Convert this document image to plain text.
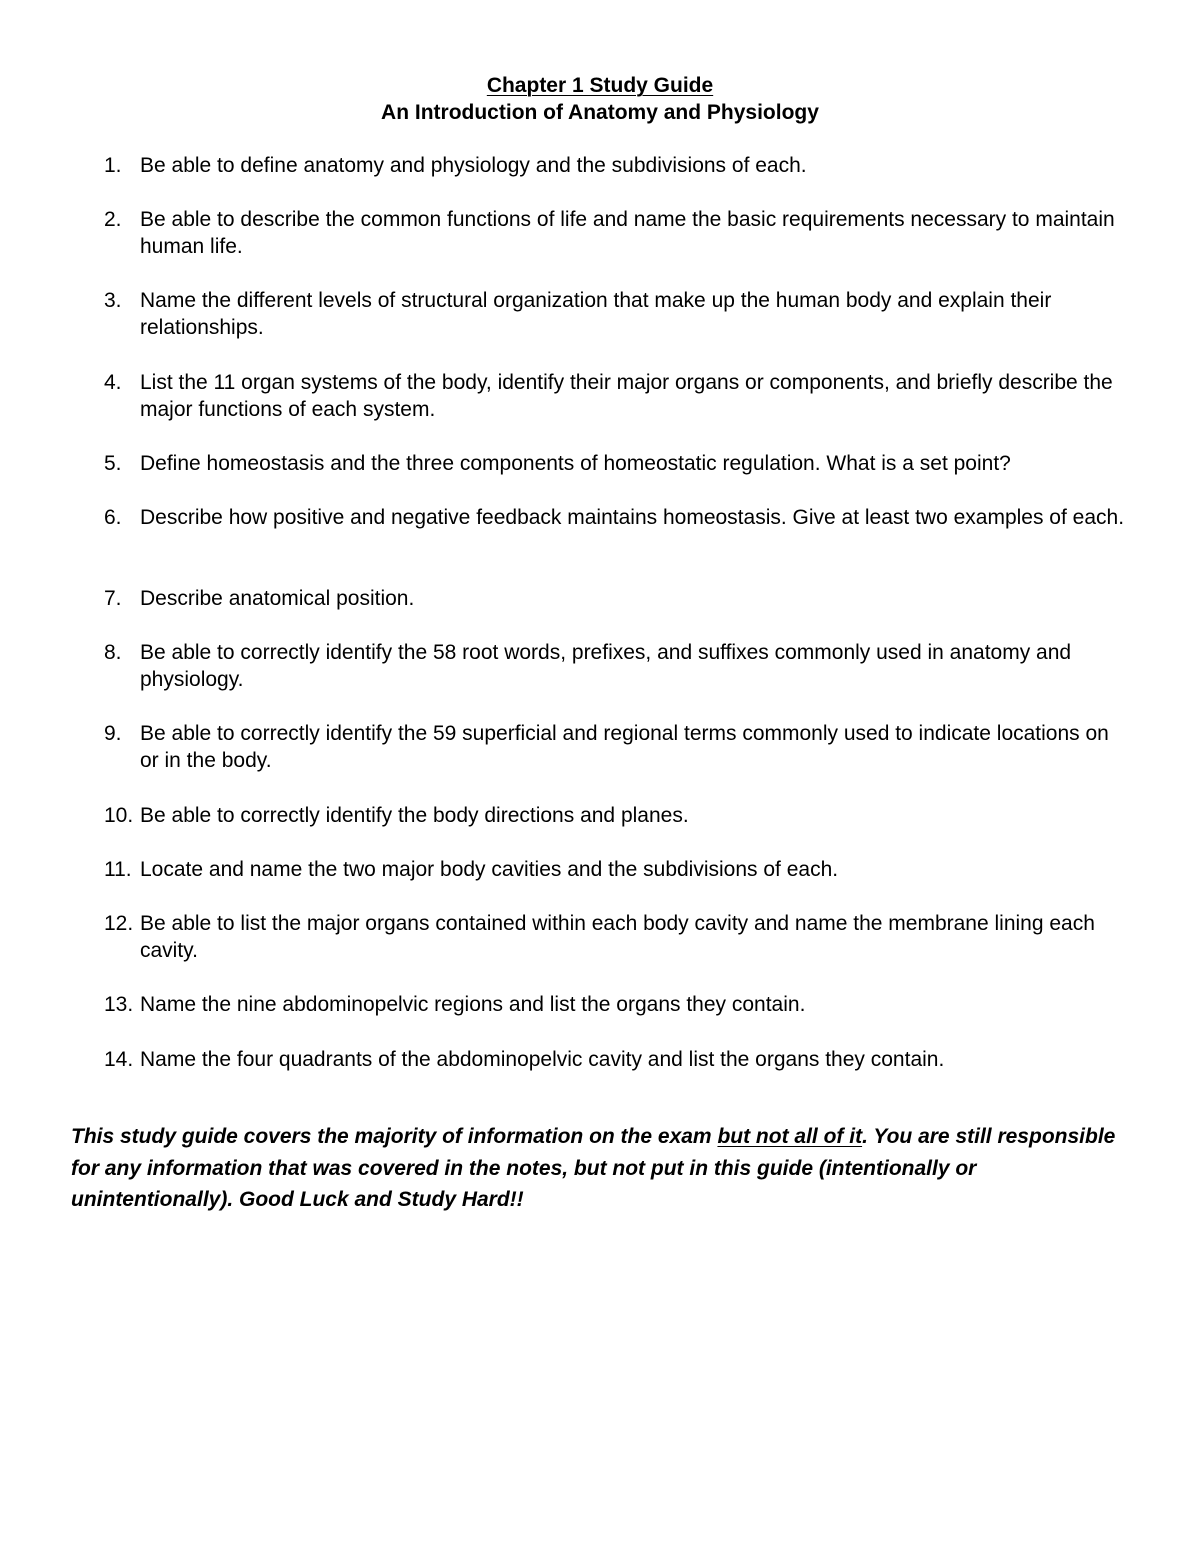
Chapter 1 Study Guide
An Introduction of Anatomy and Physiology
1. Be able to define anatomy and physiology and the subdivisions of each.
2. Be able to describe the common functions of life and name the basic requirements necessary to maintain human life.
3. Name the different levels of structural organization that make up the human body and explain their relationships.
4. List the 11 organ systems of the body, identify their major organs or components, and briefly describe the major functions of each system.
5. Define homeostasis and the three components of homeostatic regulation. What is a set point?
6. Describe how positive and negative feedback maintains homeostasis. Give at least two examples of each.
7. Describe anatomical position.
8. Be able to correctly identify the 58 root words, prefixes, and suffixes commonly used in anatomy and physiology.
9. Be able to correctly identify the 59 superficial and regional terms commonly used to indicate locations on or in the body.
10. Be able to correctly identify the body directions and planes.
11. Locate and name the two major body cavities and the subdivisions of each.
12. Be able to list the major organs contained within each body cavity and name the membrane lining each cavity.
13. Name the nine abdominopelvic regions and list the organs they contain.
14. Name the four quadrants of the abdominopelvic cavity and list the organs they contain.

This study guide covers the majority of information on the exam but not all of it. You are still responsible for any information that was covered in the notes, but not put in this guide (intentionally or unintentionally). Good Luck and Study Hard!!
